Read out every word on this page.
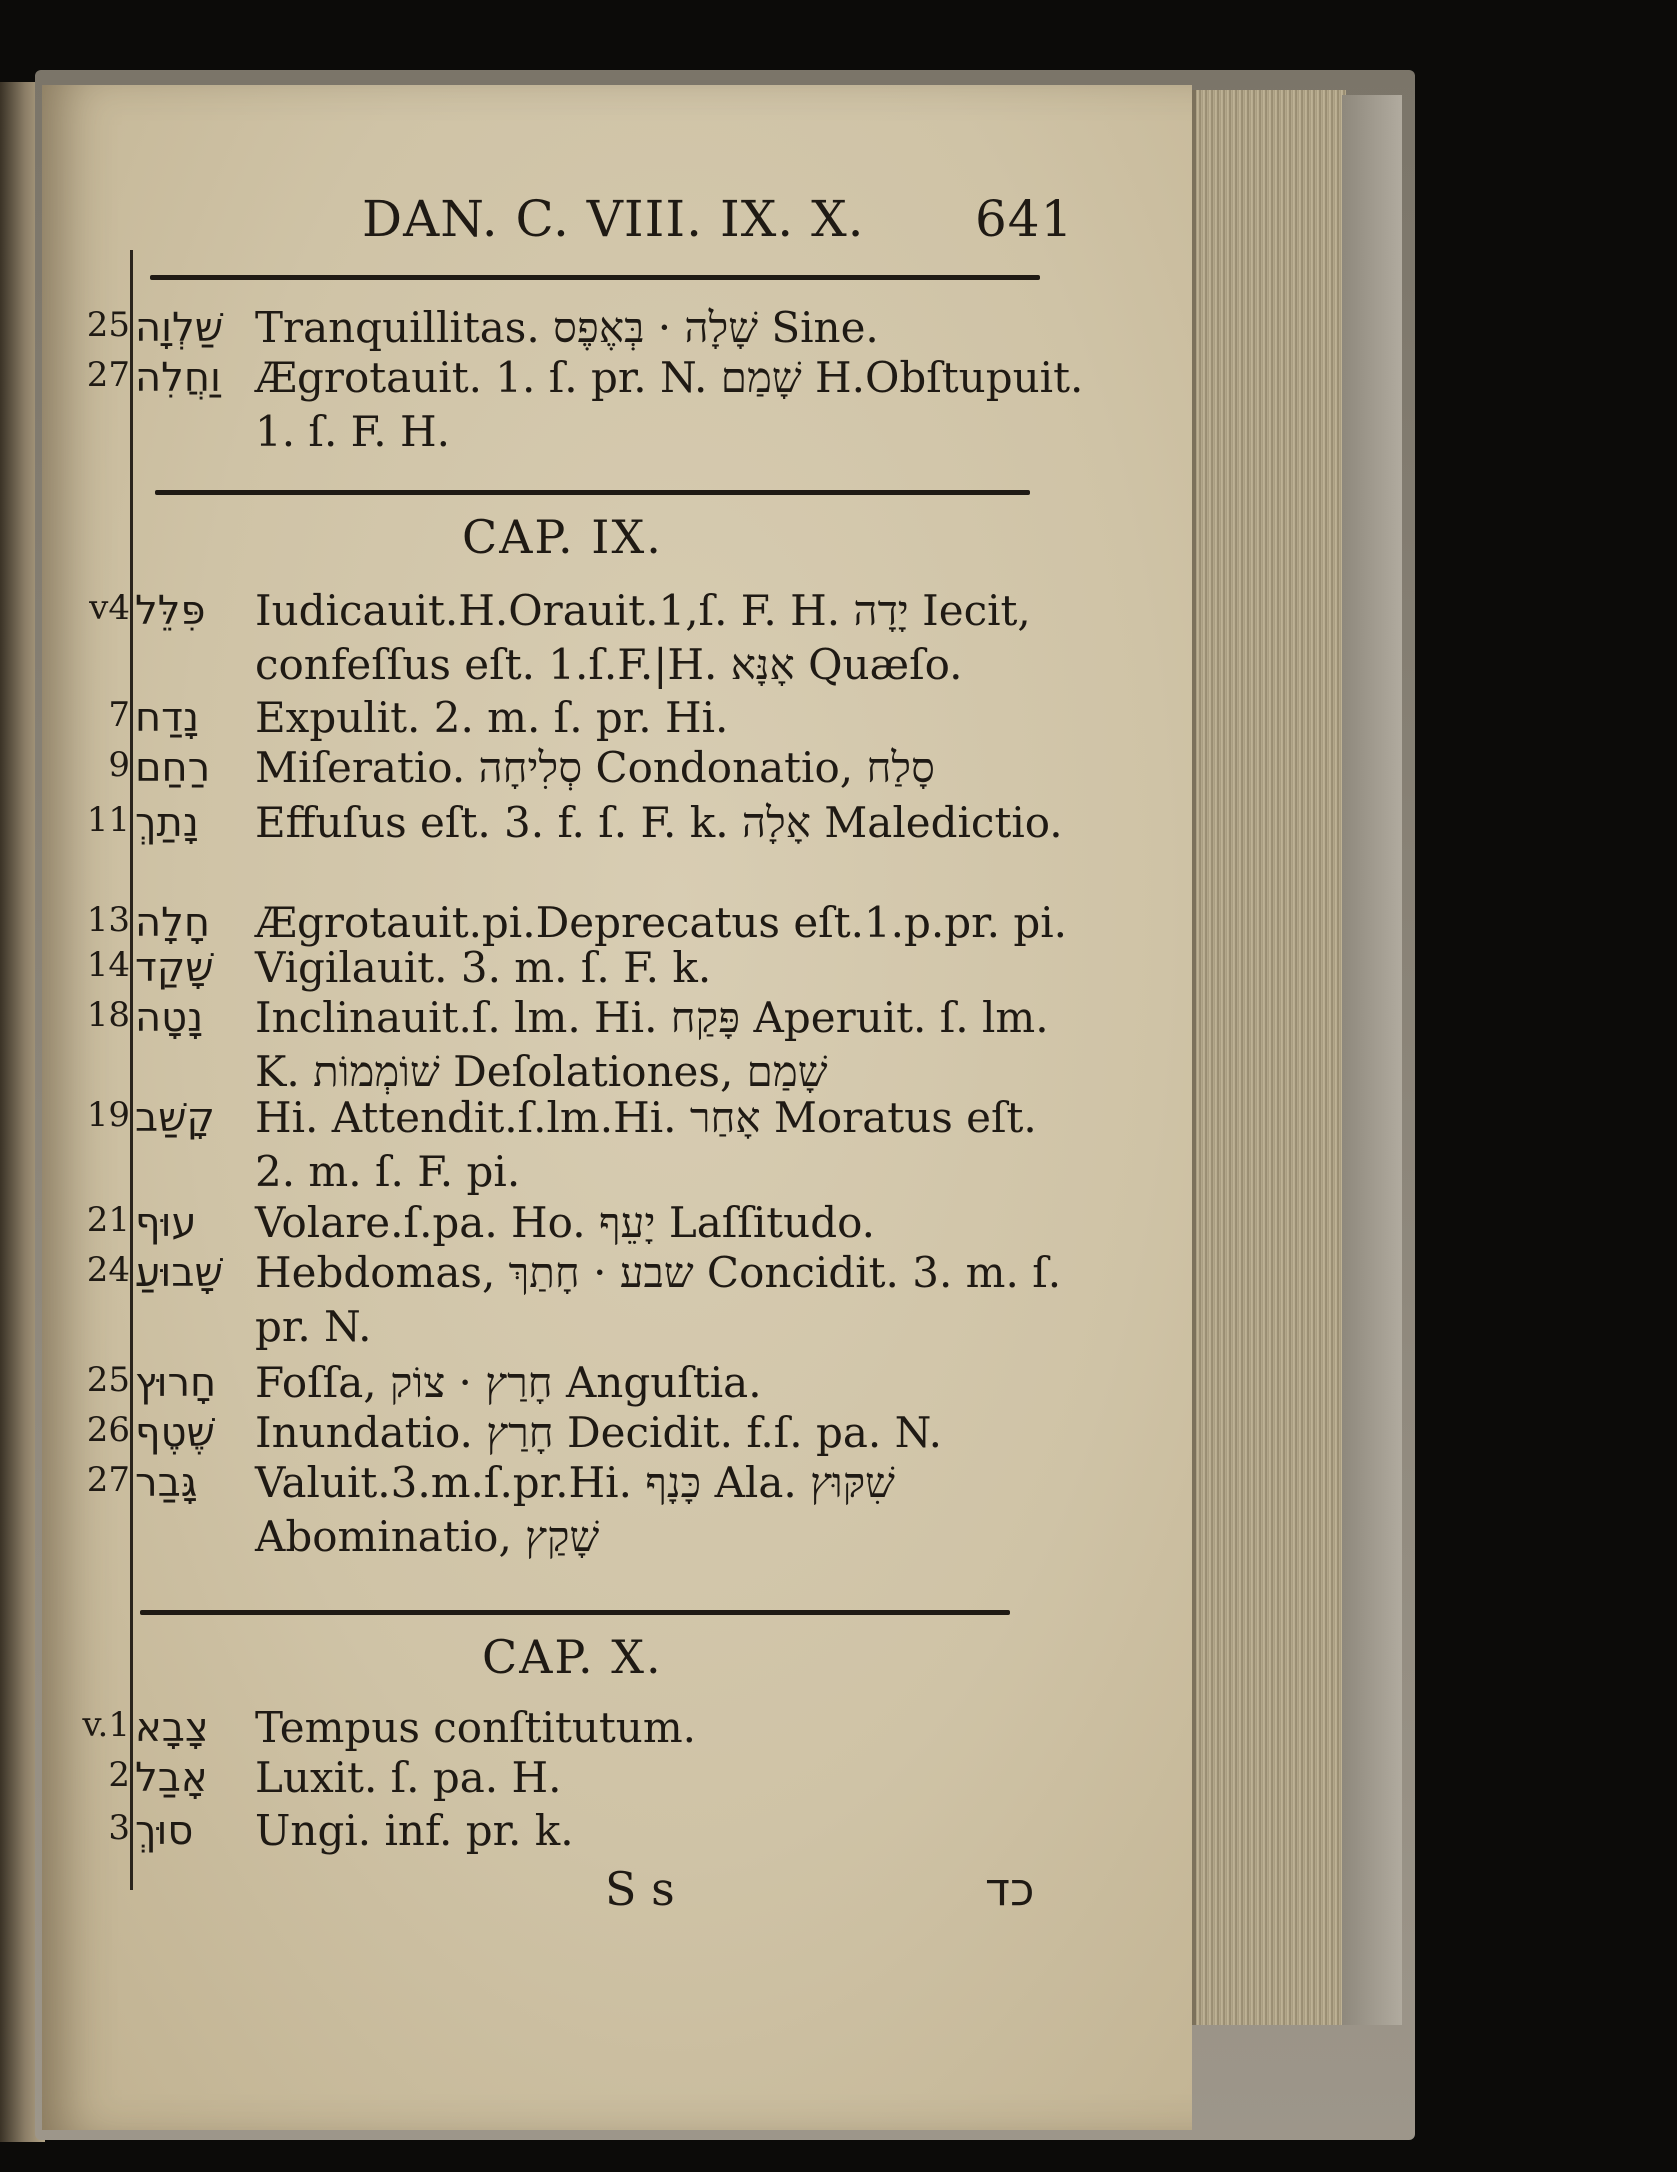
DAN. C. VIII. IX. X. 641
25 שַׁלְוָה Tranquillitas. שָׁלָה · בְּאֶפֶס Sine.
27 וַחֲלִה Ægrotauit. 1. ſ. pr. N. שָׁמַם H.Obſtupuit. 1. ſ. F. H.
CAP. IX.
v4 פִּלֵּל	Iudicauit.H.Orauit.1,ſ. F. H. יָדָה Iecit, confeſſus eſt. 1.ſ.F.|H. אָנָּא Quæſo.
7 נָדַח	Expulit. 2. m. ſ. pr. Hi.
9 רַחַם	Miſeratio. סְלִיחָה Condonatio, סָלַח
11 נָתַךְ	Effuſus eſt. 3. f. ſ. F. k. אָלָה Maledictio.
13 חָלָה	Ægrotauit.pi.Deprecatus eſt.1.p.pr. pi.
14 שָׁקַד Vigilauit. 3. m. ſ. F. k.
18 נָטָה	Inclinauit.ſ. lm. Hi. פָּקַח Aperuit. ſ. lm. K. שׁוֹמְמוֹת Deſolationes, שָׁמַם
19 קָשַׁב Hi. Attendit.ſ.lm.Hi. אָחַר Moratus eſt. 2. m. ſ. F. pi.
21 עוּף	Volare.ſ.pa. Ho. יָעֵף Laſſitudo.
24 שָׁבוּעַ Hebdomas, שבע · חָתַךְ Concidit. 3. m. ſ. pr. N.
25 חָרוּץ Foſſa, חָרַץ · צוֹק Anguſtia.
26 שֶׁטֶף Inundatio. חָרַץ Decidit. f.ſ. pa. N.
27 גָּבַר	Valuit.3.m.ſ.pr.Hi. כָּנָף Ala. שִׁקּוּץ Abominatio, שָׁקַץ
CAP. X.
v.1 צָבָא	Tempus conſtitutum.
2 אָבַל	Luxit. ſ. pa. H.
3 סוּךְ	Ungi. inf. pr. k.
S s	כד
